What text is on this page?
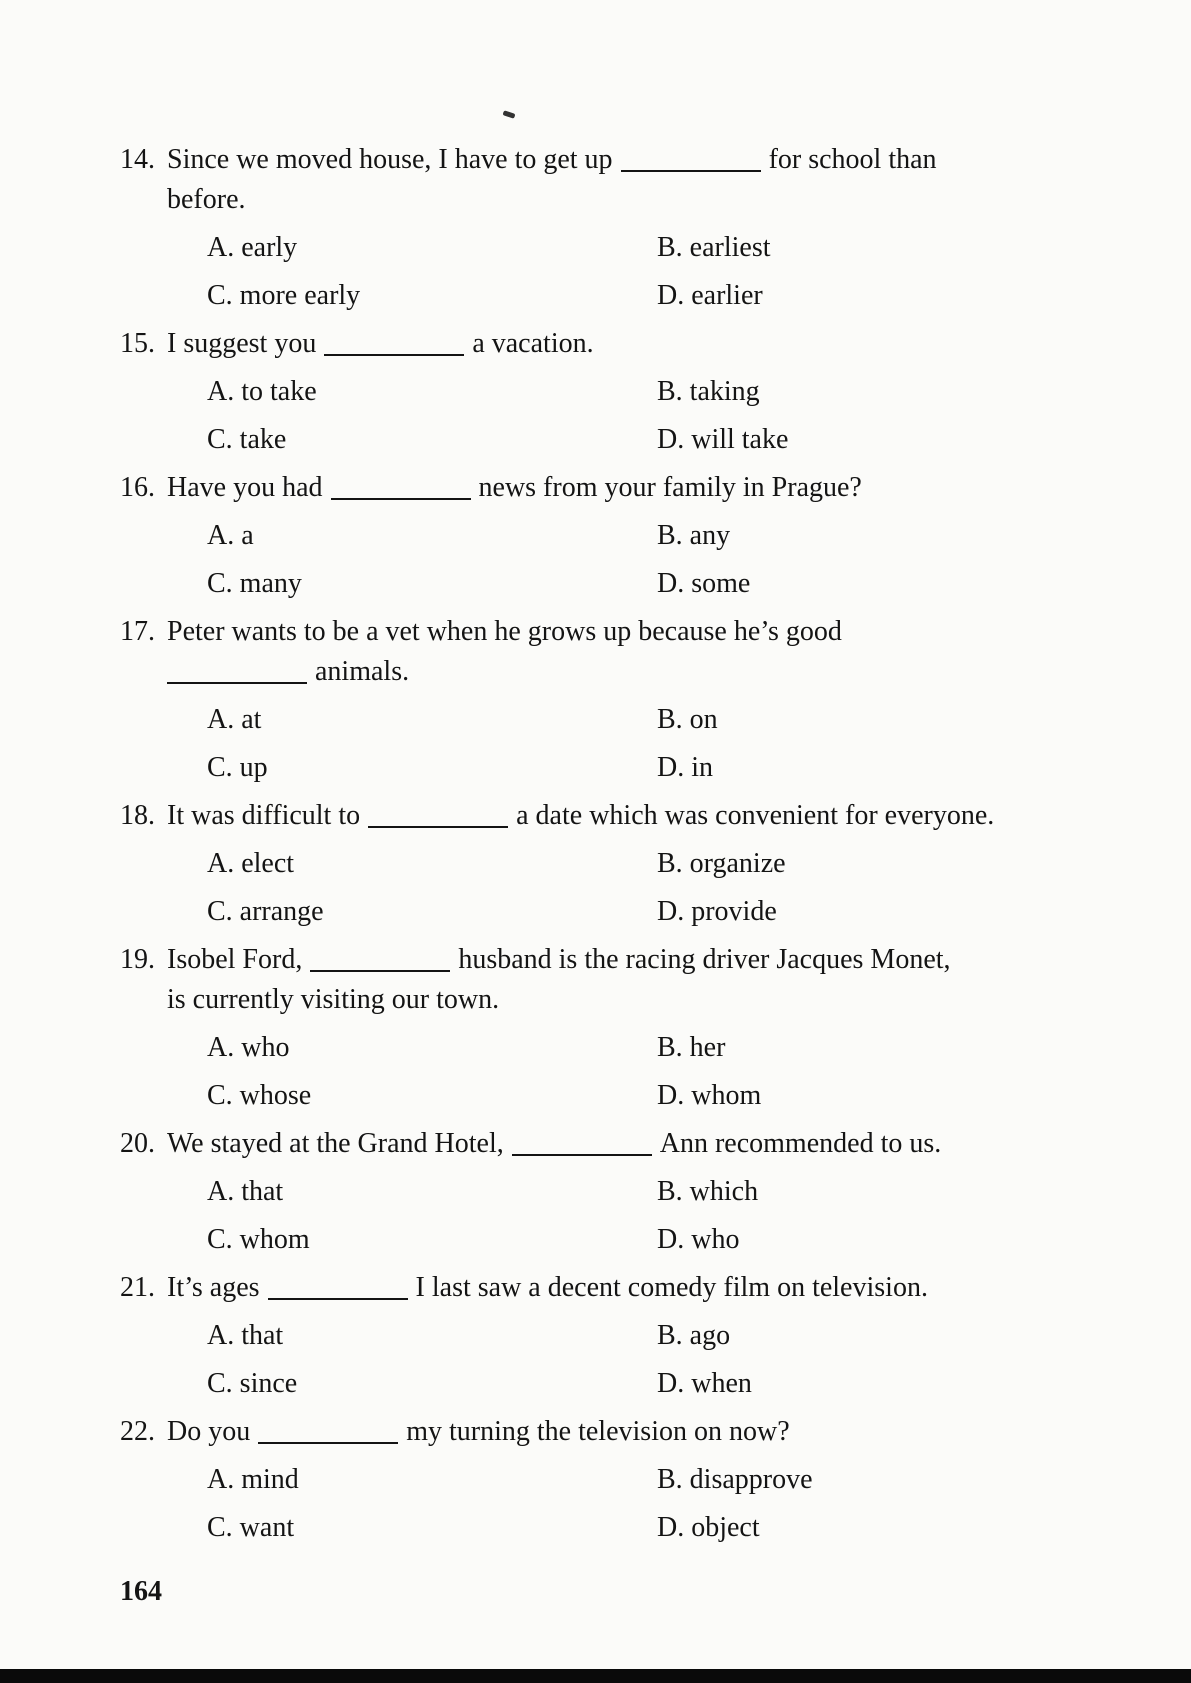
14. Since we moved house, I have to get up	for school than
before.
A. early	B. earliest
C. more early	D. earlier
15. I suggest you	a vacation.
A. to take	B. taking
C. take	D. will take
16. Have you had	news from your family in Prague?
A. a	B. any
C. many	D. some
17. Peter wants to be a vet when he grows up because he’s good
animals.
A. at	B. on
C. up	D. in
18. It was difficult to	a date which was convenient for everyone.
A. elect	B. organize
C. arrange	D. provide
19. Isobel Ford,	husband is the racing driver Jacques Monet,
is currently visiting our town.
A. who	B. her
C. whose	D. whom
20. We stayed at the Grand Hotel,	Ann recommended to us.
A. that	B. which
C. whom	D. who
21. It’s ages	I last saw a decent comedy film on television.
A. that	B. ago
C. since	D. when
22. Do you	my turning the television on now?
A. mind	B. disapprove
C. want	D. object
164
